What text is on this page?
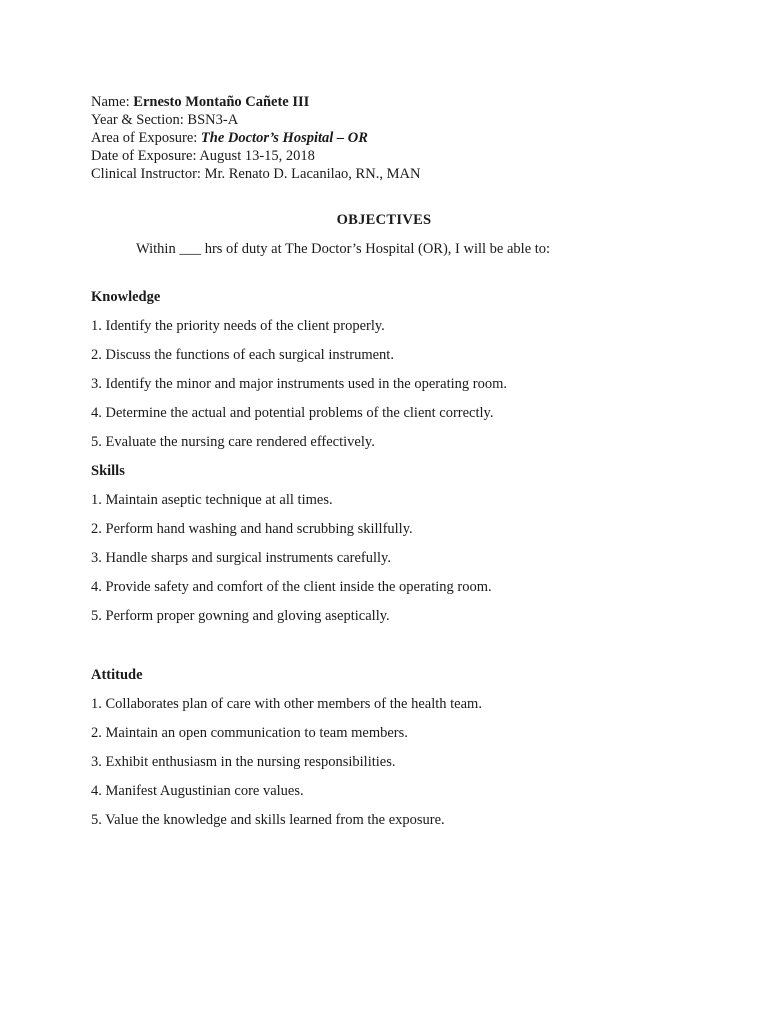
Name: Ernesto Montaño Cañete III
Year & Section: BSN3-A
Area of Exposure: The Doctor’s Hospital – OR
Date of Exposure: August 13-15, 2018
Clinical Instructor: Mr. Renato D. Lacanilao, RN., MAN
OBJECTIVES
Within ___ hrs of duty at The Doctor’s Hospital (OR), I will be able to:

Knowledge

1. Identify the priority needs of the client properly.

2. Discuss the functions of each surgical instrument.

3. Identify the minor and major instruments used in the operating room.

4. Determine the actual and potential problems of the client correctly.

5. Evaluate the nursing care rendered effectively.

Skills

1. Maintain aseptic technique at all times.

2. Perform hand washing and hand scrubbing skillfully.

3. Handle sharps and surgical instruments carefully.

4. Provide safety and comfort of the client inside the operating room.

5. Perform proper gowning and gloving aseptically.

Attitude

1. Collaborates plan of care with other members of the health team.

2. Maintain an open communication to team members.

3. Exhibit enthusiasm in the nursing responsibilities.

4. Manifest Augustinian core values.

5. Value the knowledge and skills learned from the exposure.
